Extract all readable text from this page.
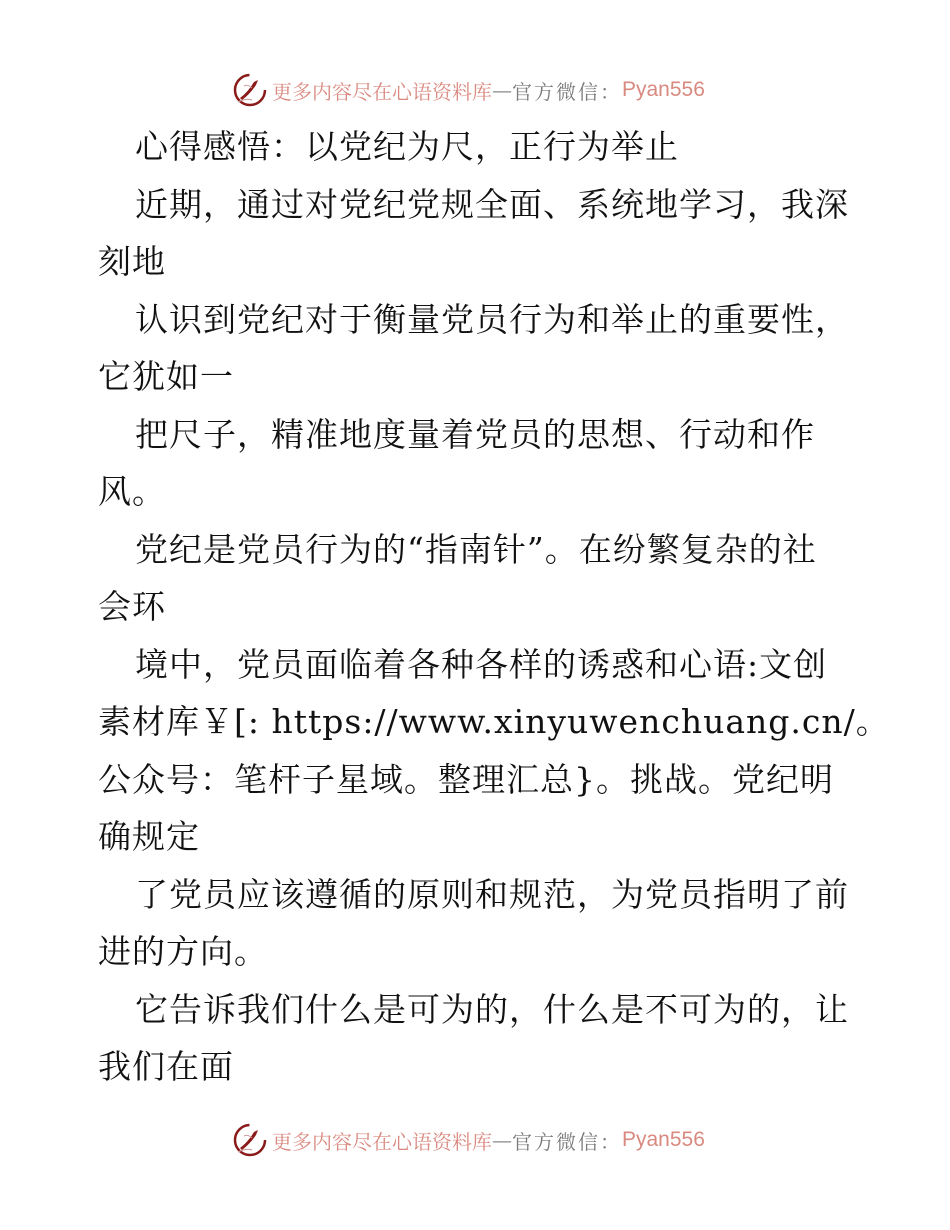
更多内容尽在心语资料库 — 官方微信： Pyan556
心得感悟：以党纪为尺，正行为举止
近期，通过对党纪党规全面、系统地学习，我深
刻地
认识到党纪对于衡量党员行为和举止的重要性，
它犹如一
把尺子，精准地度量着党员的思想、行动和作
风。
党纪是党员行为的“指南针”。在纷繁复杂的社
会环
境中，党员面临着各种各样的诱惑和心语:文创
素材库￥[: https://www.xinyuwenchuang.cn/。
公众号：笔杆子星域。整理汇总}。挑战。党纪明
确规定
了党员应该遵循的原则和规范，为党员指明了前
进的方向。
它告诉我们什么是可为的，什么是不可为的，让
我们在面
更多内容尽在心语资料库 — 官方微信： Pyan556
